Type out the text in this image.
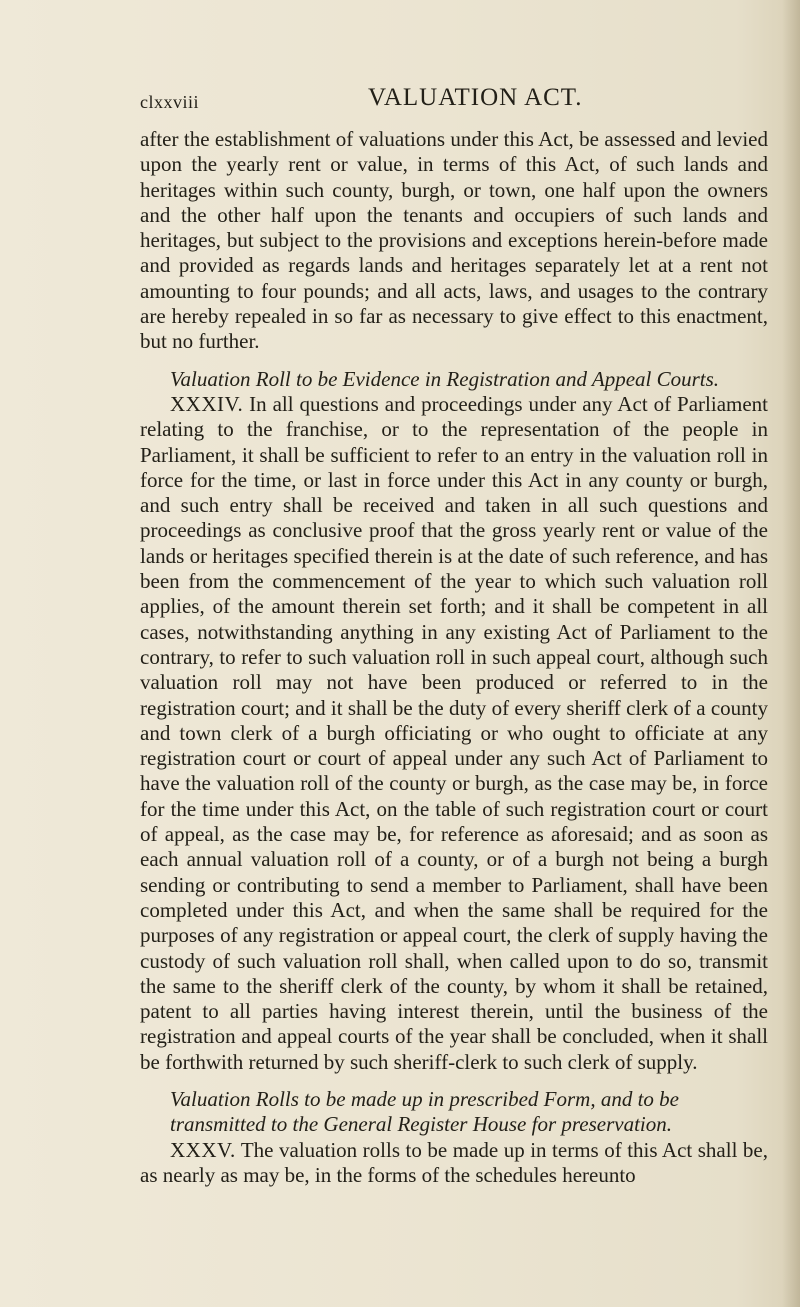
clxxviii	VALUATION ACT.

after the establishment of valuations under this Act, be assessed and levied upon the yearly rent or value, in terms of this Act, of such lands and heritages within such county, burgh, or town, one half upon the owners and the other half upon the tenants and occupiers of such lands and heritages, but subject to the provisions and exceptions herein-before made and provided as regards lands and heritages separately let at a rent not amounting to four pounds; and all acts, laws, and usages to the contrary are hereby repealed in so far as necessary to give effect to this enactment, but no further.

Valuation Roll to be Evidence in Registration and Appeal Courts.

XXXIV. In all questions and proceedings under any Act of Parliament relating to the franchise, or to the representation of the people in Parliament, it shall be sufficient to refer to an entry in the valuation roll in force for the time, or last in force under this Act in any county or burgh, and such entry shall be received and taken in all such questions and proceedings as conclusive proof that the gross yearly rent or value of the lands or heritages specified therein is at the date of such reference, and has been from the commencement of the year to which such valuation roll applies, of the amount therein set forth; and it shall be competent in all cases, notwithstanding anything in any existing Act of Parliament to the contrary, to refer to such valuation roll in such appeal court, although such valuation roll may not have been produced or referred to in the registration court; and it shall be the duty of every sheriff clerk of a county and town clerk of a burgh officiating or who ought to officiate at any registration court or court of appeal under any such Act of Parliament to have the valuation roll of the county or burgh, as the case may be, in force for the time under this Act, on the table of such registration court or court of appeal, as the case may be, for reference as aforesaid; and as soon as each annual valuation roll of a county, or of a burgh not being a burgh sending or contributing to send a member to Parliament, shall have been completed under this Act, and when the same shall be required for the purposes of any registration or appeal court, the clerk of supply having the custody of such valuation roll shall, when called upon to do so, transmit the same to the sheriff clerk of the county, by whom it shall be retained, patent to all parties having interest therein, until the business of the registration and appeal courts of the year shall be concluded, when it shall be forthwith returned by such sheriff-clerk to such clerk of supply.

Valuation Rolls to be made up in prescribed Form, and to be transmitted to the General Register House for preservation.

XXXV. The valuation rolls to be made up in terms of this Act shall be, as nearly as may be, in the forms of the schedules hereunto
